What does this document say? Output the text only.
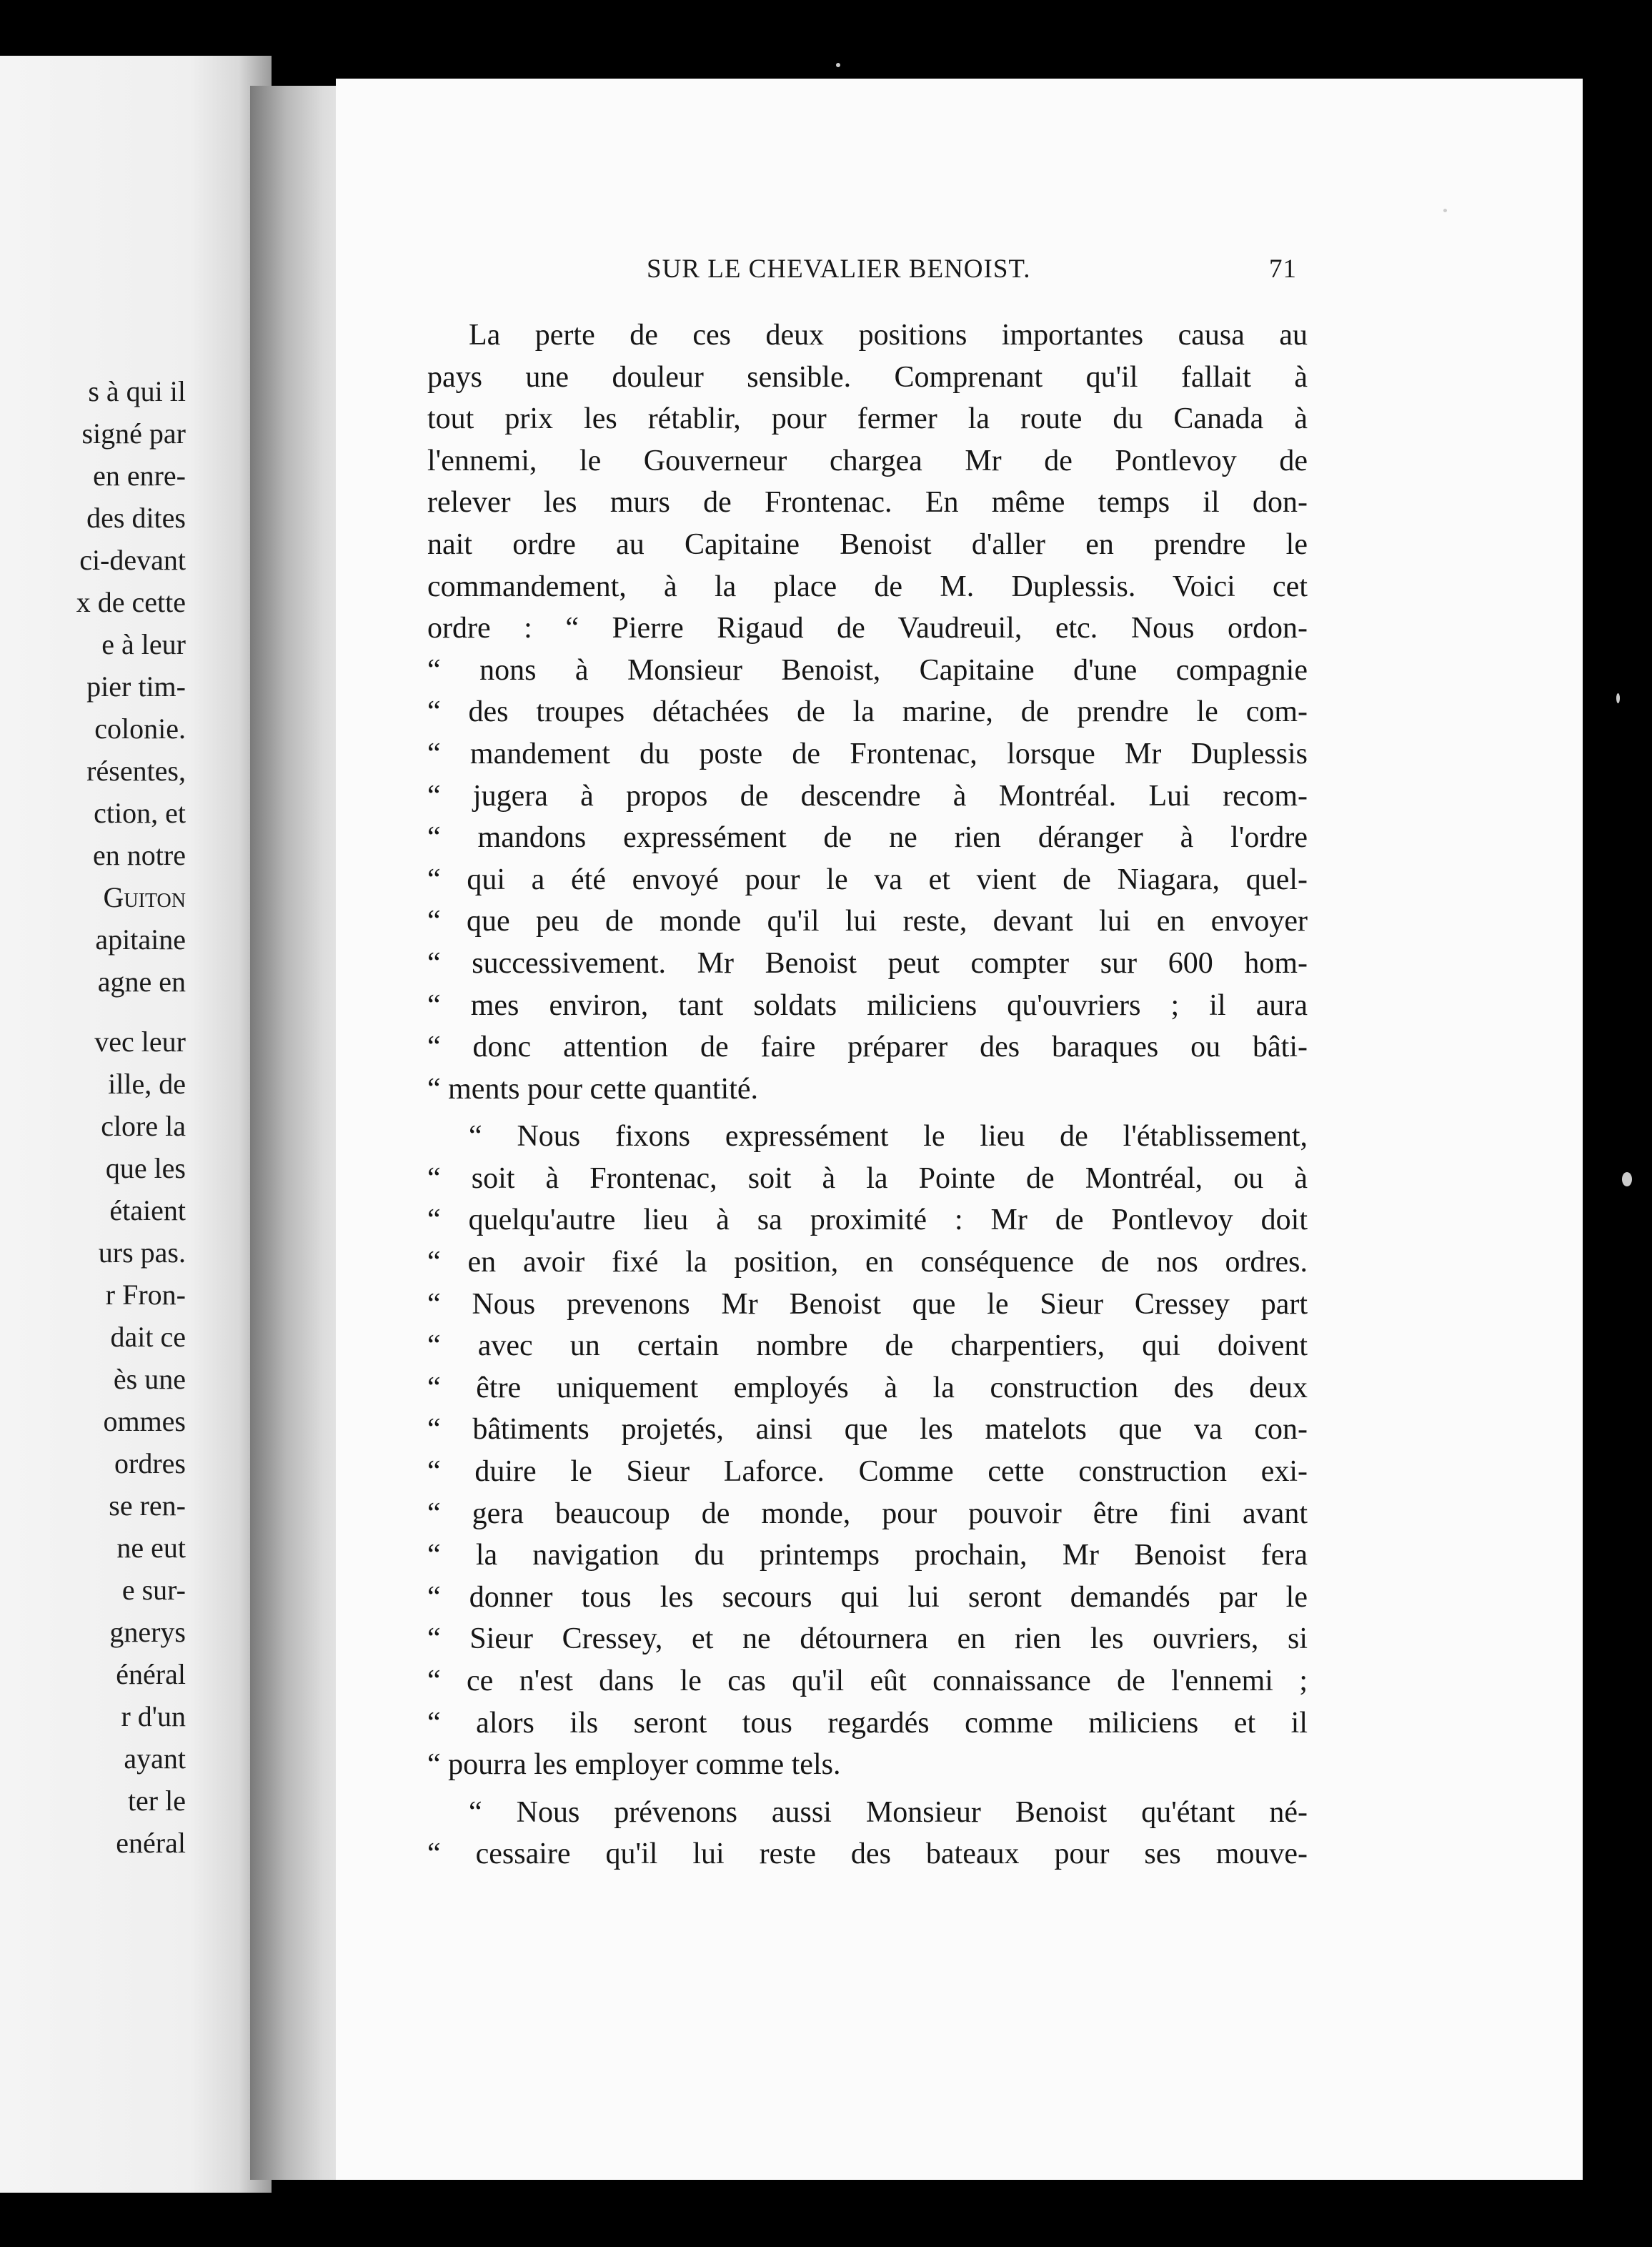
s à qui il
signé par
en enre-
des dites
ci-devant
x de cette
e à leur
pier tim-
colonie.
résentes,
ction, et
en notre
Guiton
apitaine
agne en
vec leur
ille, de
clore la
que les
étaient
urs pas.
r Fron-
dait ce
ès une
ommes
ordres
se ren-
ne eut
e sur-
gnerys
énéral
r d'un
ayant
ter le
enéral
SUR LE CHEVALIER BENOIST.	71

La perte de ces deux positions importantes causa au

pays une douleur sensible. Comprenant qu'il fallait à

tout prix les rétablir, pour fermer la route du Canada à

l'ennemi, le Gouverneur chargea Mr de Pontlevoy de

relever les murs de Frontenac. En même temps il don-

nait ordre au Capitaine Benoist d'aller en prendre le

commandement, à la place de M. Duplessis. Voici cet

ordre : “ Pierre Rigaud de Vaudreuil, etc. Nous ordon-

“ nons à Monsieur Benoist, Capitaine d'une compagnie

“ des troupes détachées de la marine, de prendre le com-

“ mandement du poste de Frontenac, lorsque Mr Duplessis

“ jugera à propos de descendre à Montréal. Lui recom-

“ mandons expressément de ne rien déranger à l'ordre

“ qui a été envoyé pour le va et vient de Niagara, quel-

“ que peu de monde qu'il lui reste, devant lui en envoyer

“ successivement. Mr Benoist peut compter sur 600 hom-

“ mes environ, tant soldats miliciens qu'ouvriers ; il aura

“ donc attention de faire préparer des baraques ou bâti-

“ ments pour cette quantité.

“ Nous fixons expressément le lieu de l'établissement,

“ soit à Frontenac, soit à la Pointe de Montréal, ou à

“ quelqu'autre lieu à sa proximité : Mr de Pontlevoy doit

“ en avoir fixé la position, en conséquence de nos ordres.

“ Nous prevenons Mr Benoist que le Sieur Cressey part

“ avec un certain nombre de charpentiers, qui doivent

“ être uniquement employés à la construction des deux

“ bâtiments projetés, ainsi que les matelots que va con-

“ duire le Sieur Laforce. Comme cette construction exi-

“ gera beaucoup de monde, pour pouvoir être fini avant

“ la navigation du printemps prochain, Mr Benoist fera

“ donner tous les secours qui lui seront demandés par le

“ Sieur Cressey, et ne détournera en rien les ouvriers, si

“ ce n'est dans le cas qu'il eût connaissance de l'ennemi ;

“ alors ils seront tous regardés comme miliciens et il

“ pourra les employer comme tels.

“ Nous prévenons aussi Monsieur Benoist qu'étant né-

“ cessaire qu'il lui reste des bateaux pour ses mouve-
